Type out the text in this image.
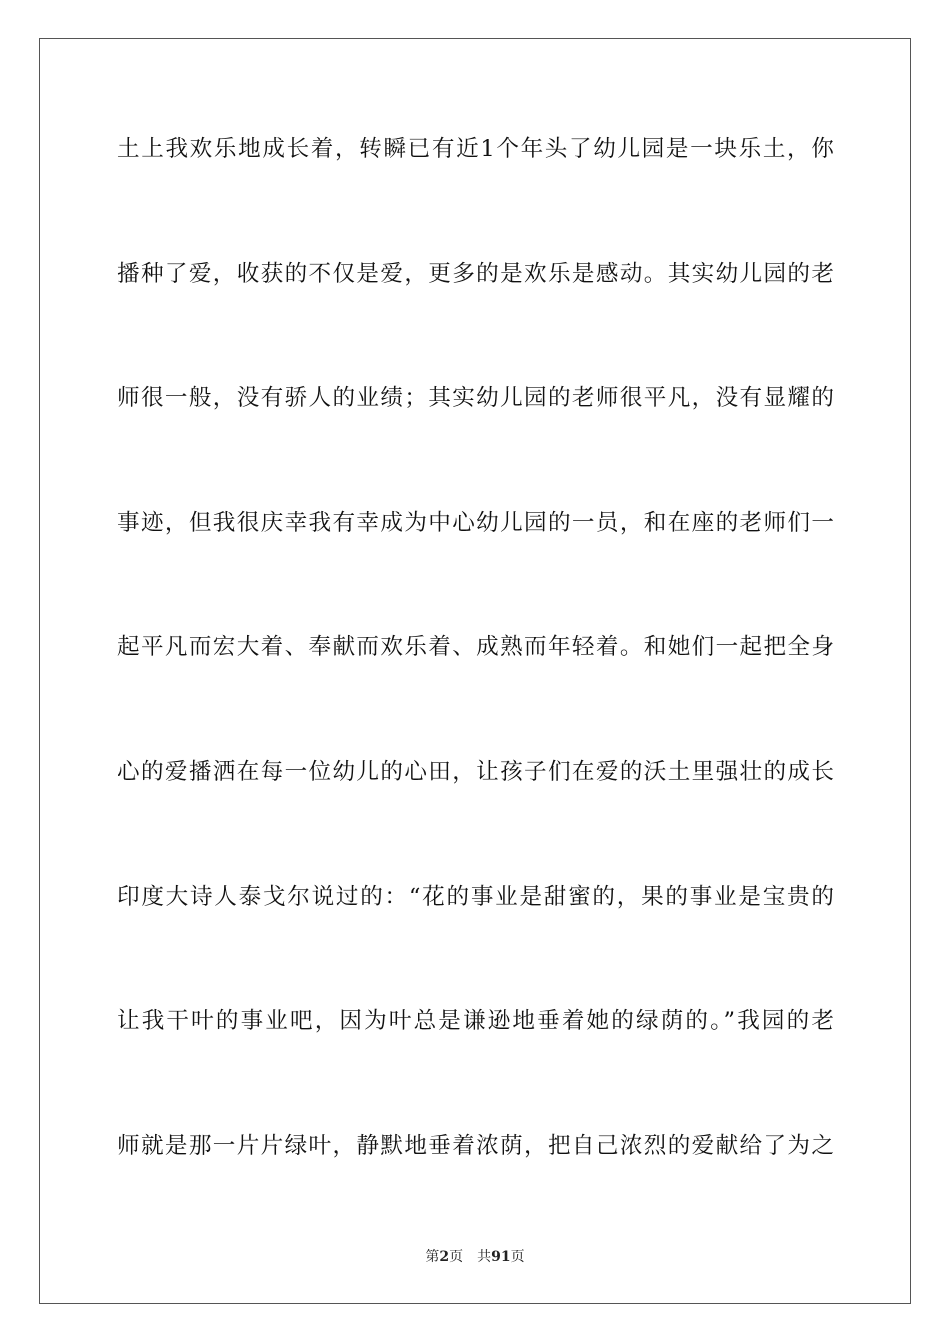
土上我欢乐地成长着，转瞬已有近1个年头了幼儿园是一块乐土，你
播种了爱，收获的不仅是爱，更多的是欢乐是感动。其实幼儿园的老
师很一般，没有骄人的业绩；其实幼儿园的老师很平凡，没有显耀的
事迹，但我很庆幸我有幸成为中心幼儿园的一员，和在座的老师们一
起平凡而宏大着、奉献而欢乐着、成熟而年轻着。和她们一起把全身
心的爱播洒在每一位幼儿的心田，让孩子们在爱的沃土里强壮的成长
印度大诗人泰戈尔说过的：“花的事业是甜蜜的，果的事业是宝贵的
让我干叶的事业吧，因为叶总是谦逊地垂着她的绿荫的。”我园的老
师就是那一片片绿叶，静默地垂着浓荫，把自己浓烈的爱献给了为之
第2页 共91页
